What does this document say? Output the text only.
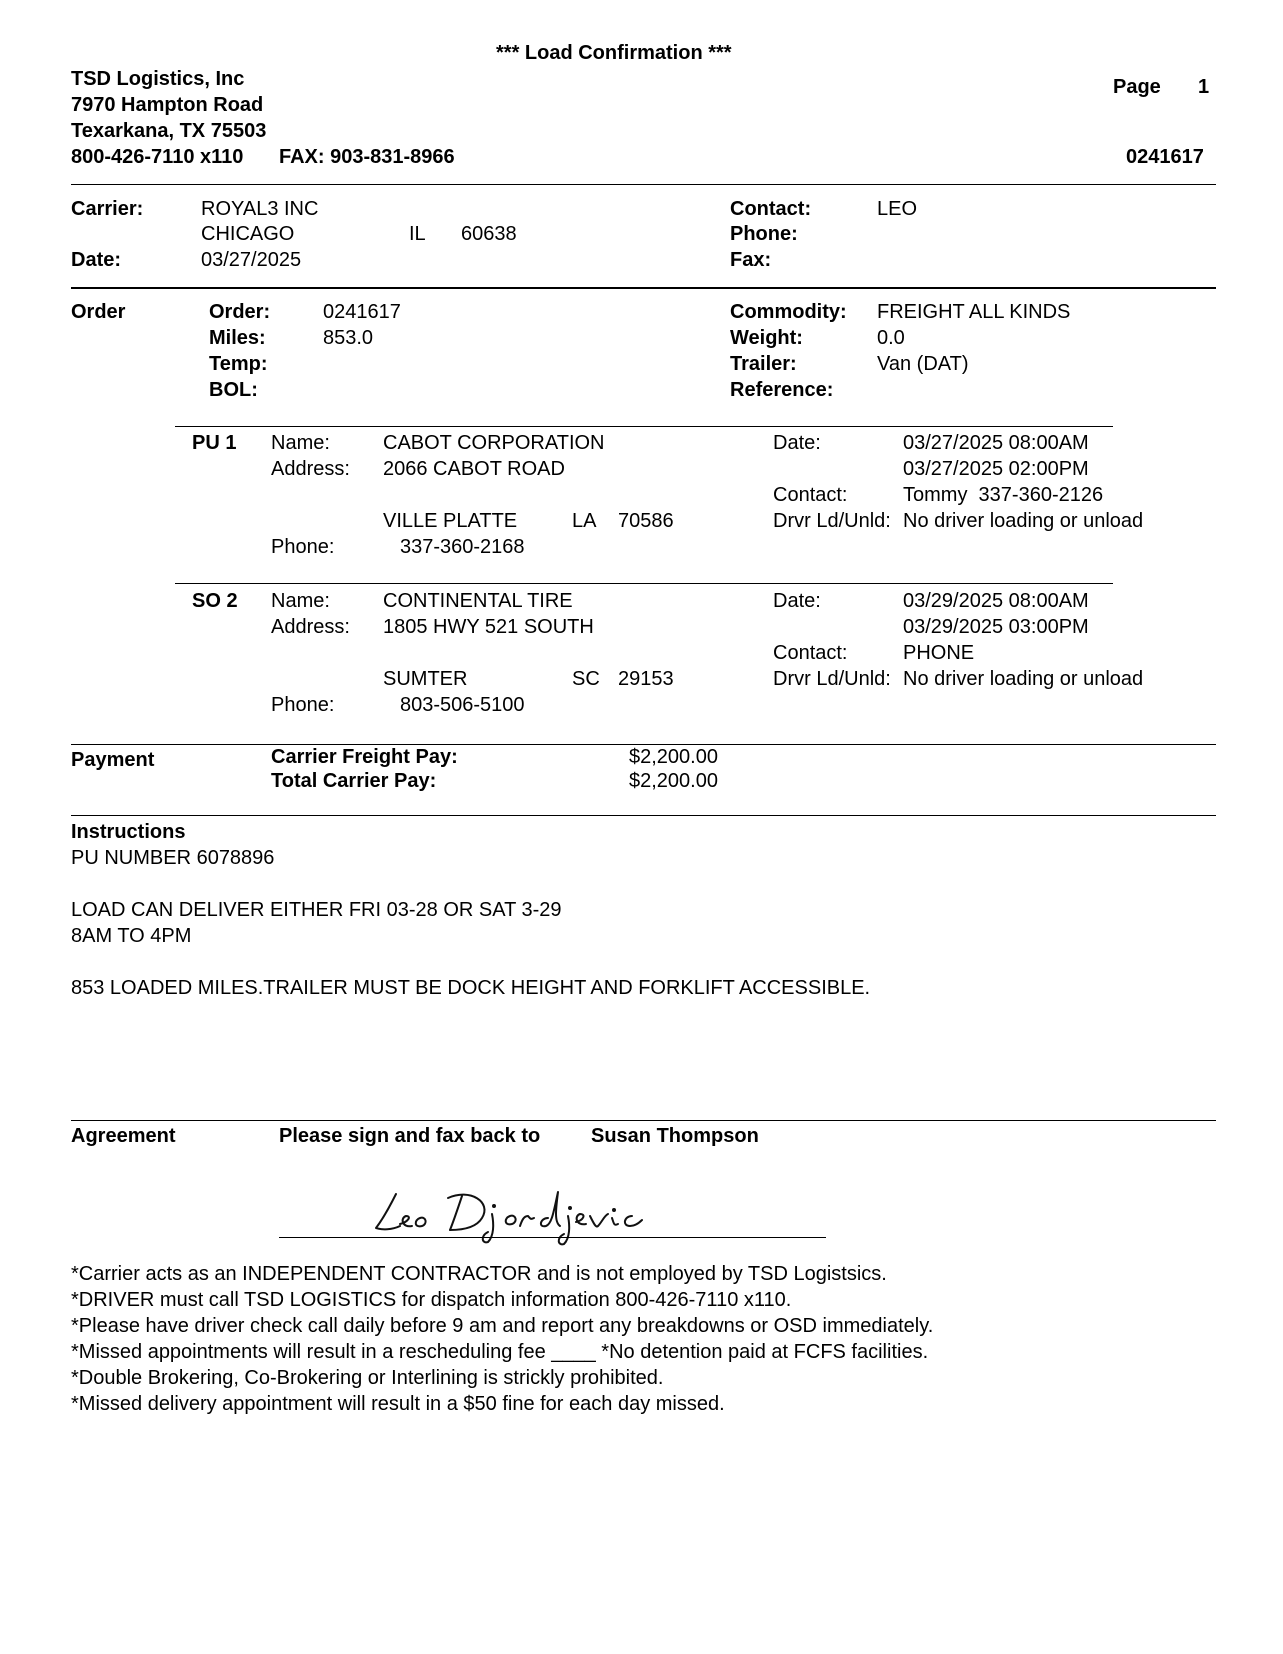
*** Load Confirmation ***
TSD Logistics, Inc
7970 Hampton Road
Texarkana, TX 75503
800-426-7110 x110 FAX: 903-831-8966
Page 1
0241617
Carrier:	ROYAL3 INC
CHICAGO	IL 60638
Date:	03/27/2025
Contact:	LEO
Phone:
Fax:
Order	Order:	0241617
Miles:	853.0
Temp:
BOL:
Commodity: FREIGHT ALL KINDS
Weight:	0.0
Trailer:	Van (DAT)
Reference:
PU 1 Name:	CABOT CORPORATION
Address: 2066 CABOT ROAD
VILLE PLATTE	LA 70586
Phone:	337-360-2168
Date:	03/27/2025 08:00AM
03/27/2025 02:00PM
Contact:	Tommy  337-360-2126
Drvr Ld/Unld: No driver loading or unload
SO 2 Name:	CONTINENTAL TIRE
Address: 1805 HWY 521 SOUTH
SUMTER	SC 29153
Phone:	803-506-5100
Date:	03/29/2025 08:00AM
03/29/2025 03:00PM
Contact:	PHONE
Drvr Ld/Unld: No driver loading or unload
Payment	Carrier Freight Pay:	$2,200.00
Total Carrier Pay:	$2,200.00
Instructions
PU NUMBER 6078896
LOAD CAN DELIVER EITHER FRI 03-28 OR SAT 3-29
8AM TO 4PM
853 LOADED MILES.TRAILER MUST BE DOCK HEIGHT AND FORKLIFT ACCESSIBLE.
Agreement	Please sign and fax back to	Susan Thompson
*Carrier acts as an INDEPENDENT CONTRACTOR and is not employed by TSD Logistsics.
*DRIVER must call TSD LOGISTICS for dispatch information 800-426-7110 x110.
*Please have driver check call daily before 9 am and report any breakdowns or OSD immediately.
*Missed appointments will result in a rescheduling fee ____ *No detention paid at FCFS facilities.
*Double Brokering, Co-Brokering or Interlining is strickly prohibited.
*Missed delivery appointment will result in a $50 fine for each day missed.
